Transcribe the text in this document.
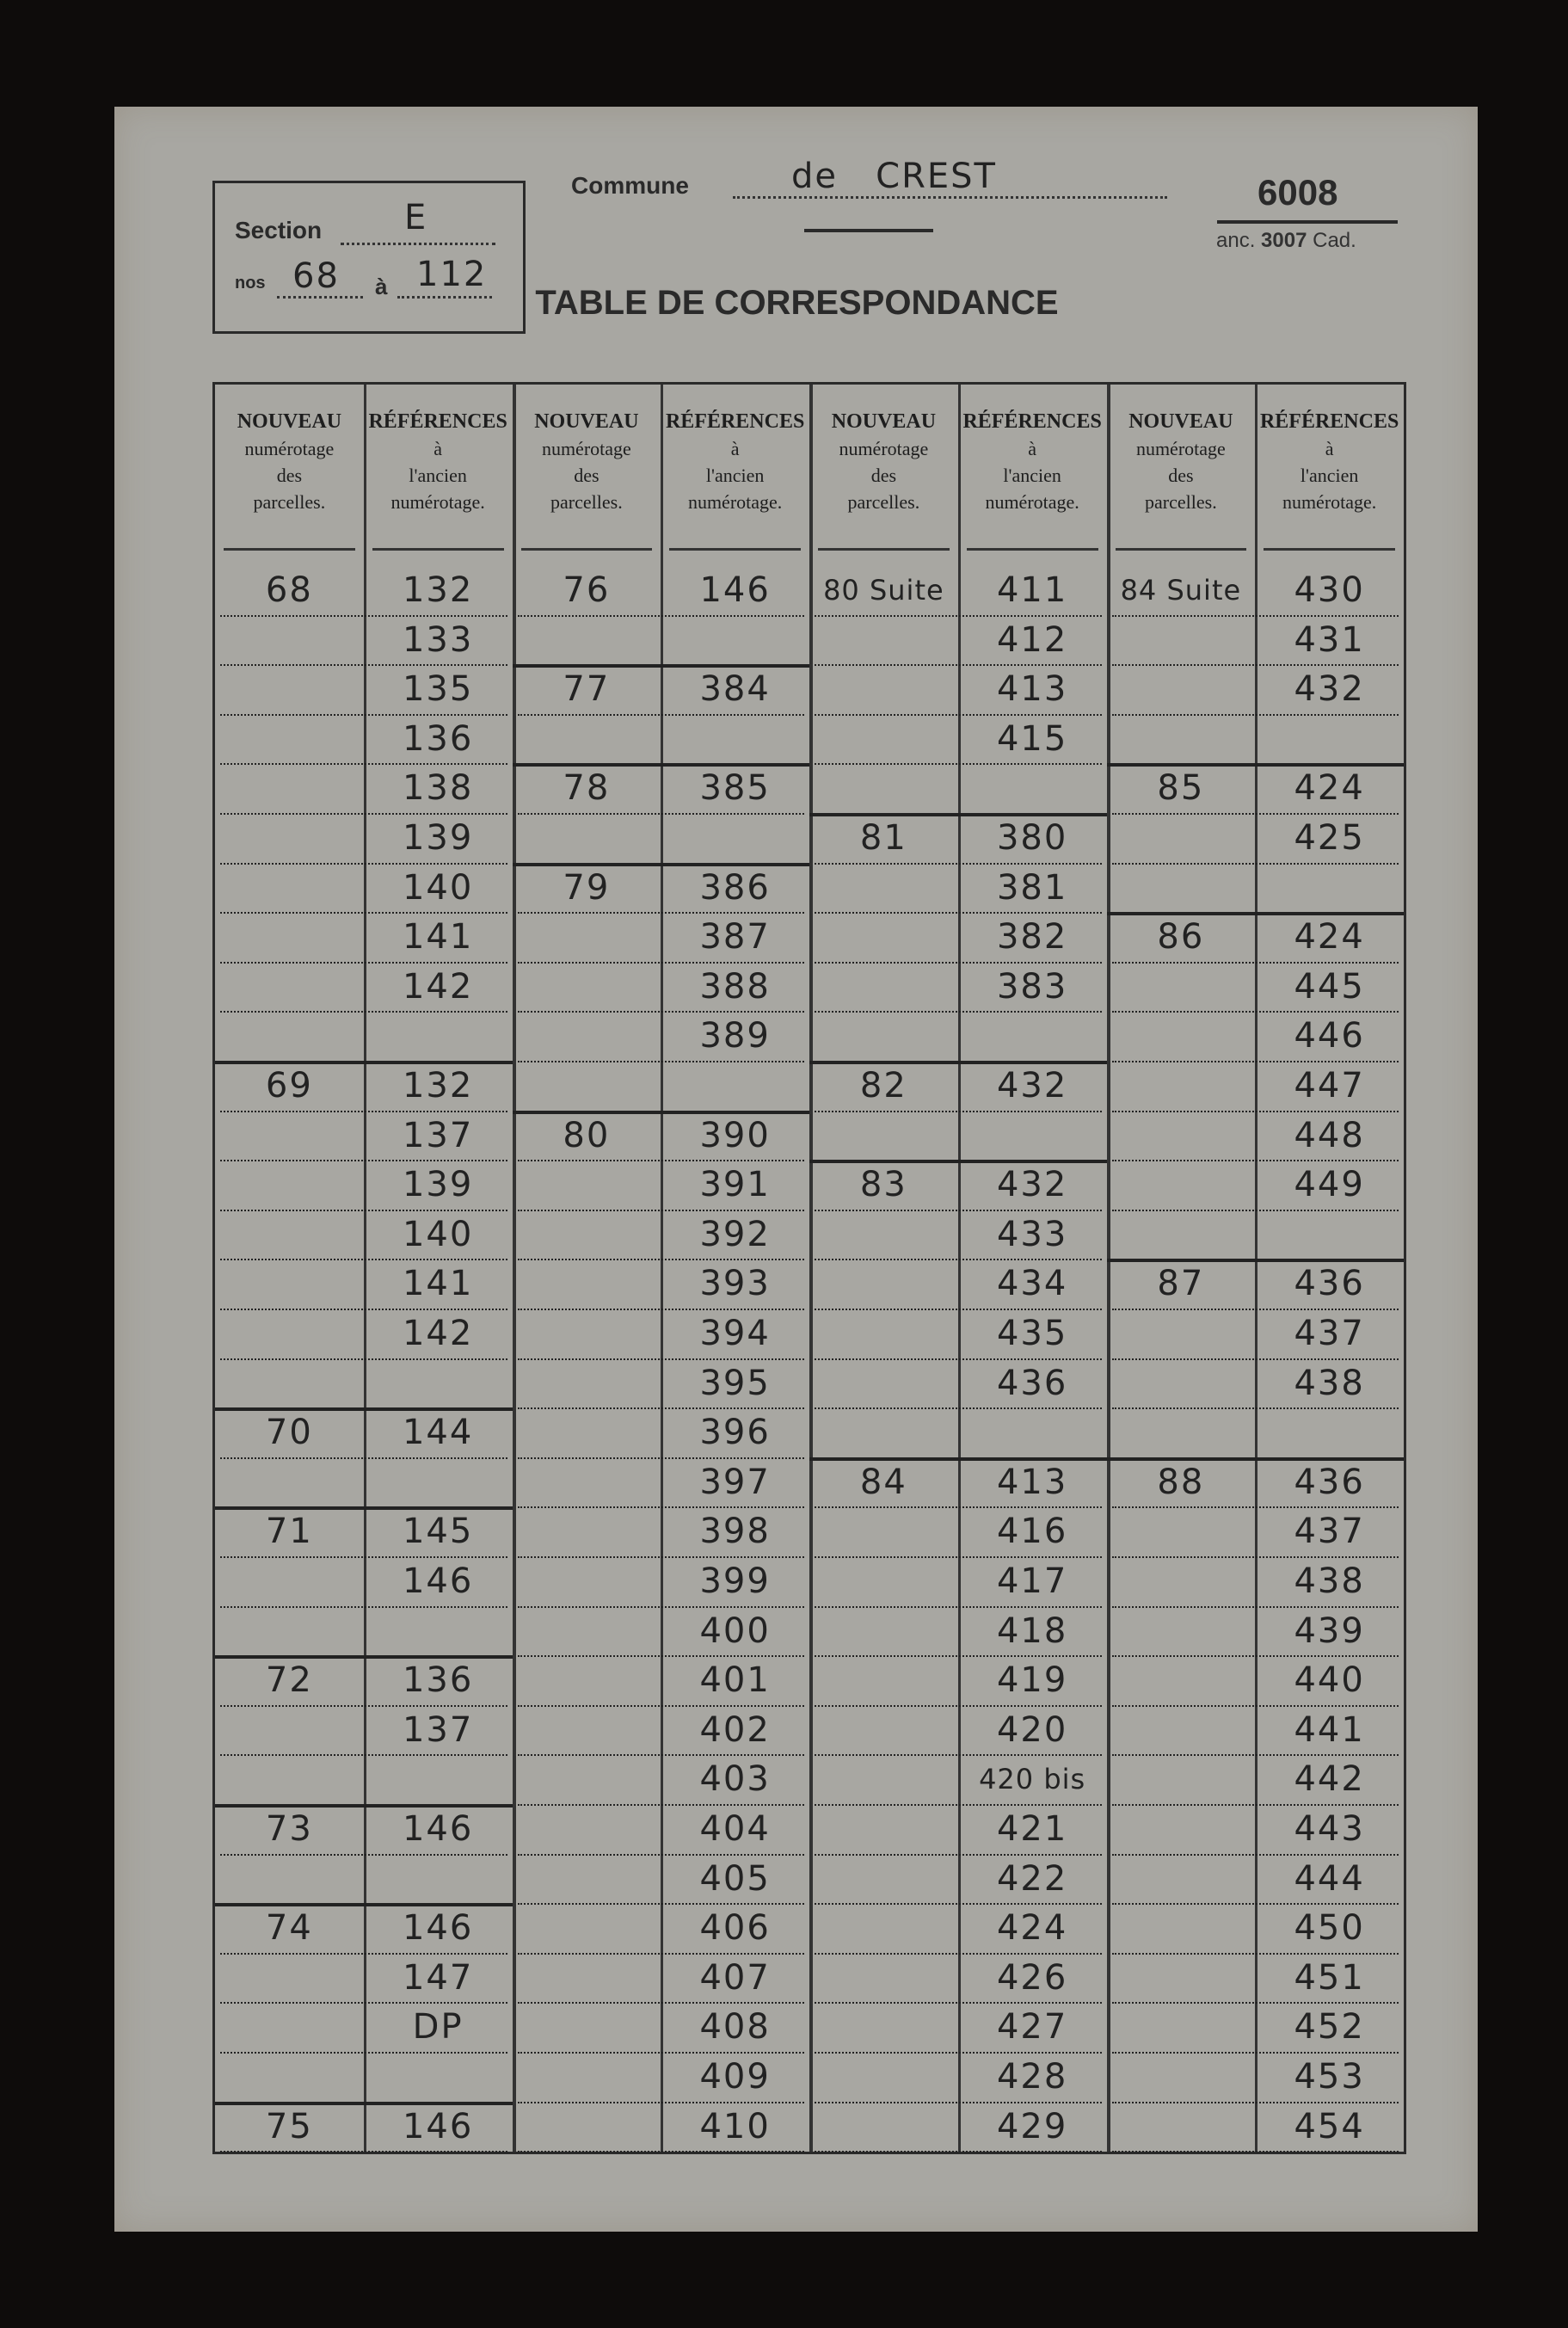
Section E
nos 68 à 112
Commune	de   CREST	6008
anc. 3007 Cad.
TABLE DE CORRESPONDANCE
NOUVEAU
numérotage
des
parcelles.
RÉFÉRENCES
à
l'ancien
numérotage.
NOUVEAU
numérotage
des
parcelles.
RÉFÉRENCES
à
l'ancien
numérotage.
NOUVEAU
numérotage
des
parcelles.
RÉFÉRENCES
à
l'ancien
numérotage.
NOUVEAU
numérotage
des
parcelles.
RÉFÉRENCES
à
l'ancien
numérotage.
68
69
70
71
72
73
74
75
132
133
135
136
138
139
140
141
142
132
137
139
140
141
142
144
145
146
136
137
146
146
147
DP
146
76
77
78
79
80
146
384
385
386
387
388
389
390
391
392
393
394
395
396
397
398
399
400
401
402
403
404
405
406
407
408
409
410
80 Suite
81
82
83
84
411
412
413
415
380
381
382
383
432
432
433
434
435
436
413
416
417
418
419
420
420 bis
421
422
424
426
427
428
429
84 Suite
85
86
87
88
430
431
432
424
425
424
445
446
447
448
449
436
437
438
436
437
438
439
440
441
442
443
444
450
451
452
453
454
